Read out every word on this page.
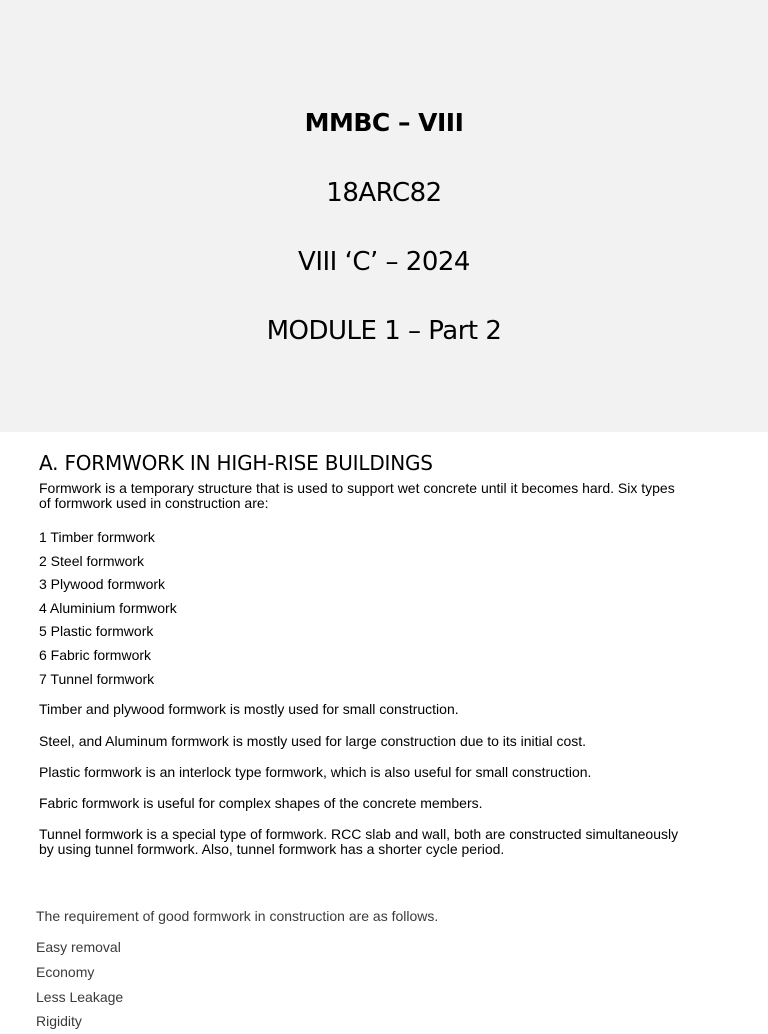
MMBC – VIII
18ARC82
VIII ‘C’ – 2024
MODULE 1 – Part 2
A. FORMWORK IN HIGH-RISE BUILDINGS
Formwork is a temporary structure that is used to support wet concrete until it becomes hard. Six types of formwork used in construction are:
1 Timber formwork
2 Steel formwork
3 Plywood formwork
4 Aluminium formwork
5 Plastic formwork
6 Fabric formwork
7 Tunnel formwork
Timber and plywood formwork is mostly used for small construction.
Steel, and Aluminum formwork is mostly used for large construction due to its initial cost.
Plastic formwork is an interlock type formwork, which is also useful for small construction.
Fabric formwork is useful for complex shapes of the concrete members.
Tunnel formwork is a special type of formwork. RCC slab and wall, both are constructed simultaneously by using tunnel formwork. Also, tunnel formwork has a shorter cycle period.
The requirement of good formwork in construction are as follows.
Easy removal
Economy
Less Leakage
Rigidity
